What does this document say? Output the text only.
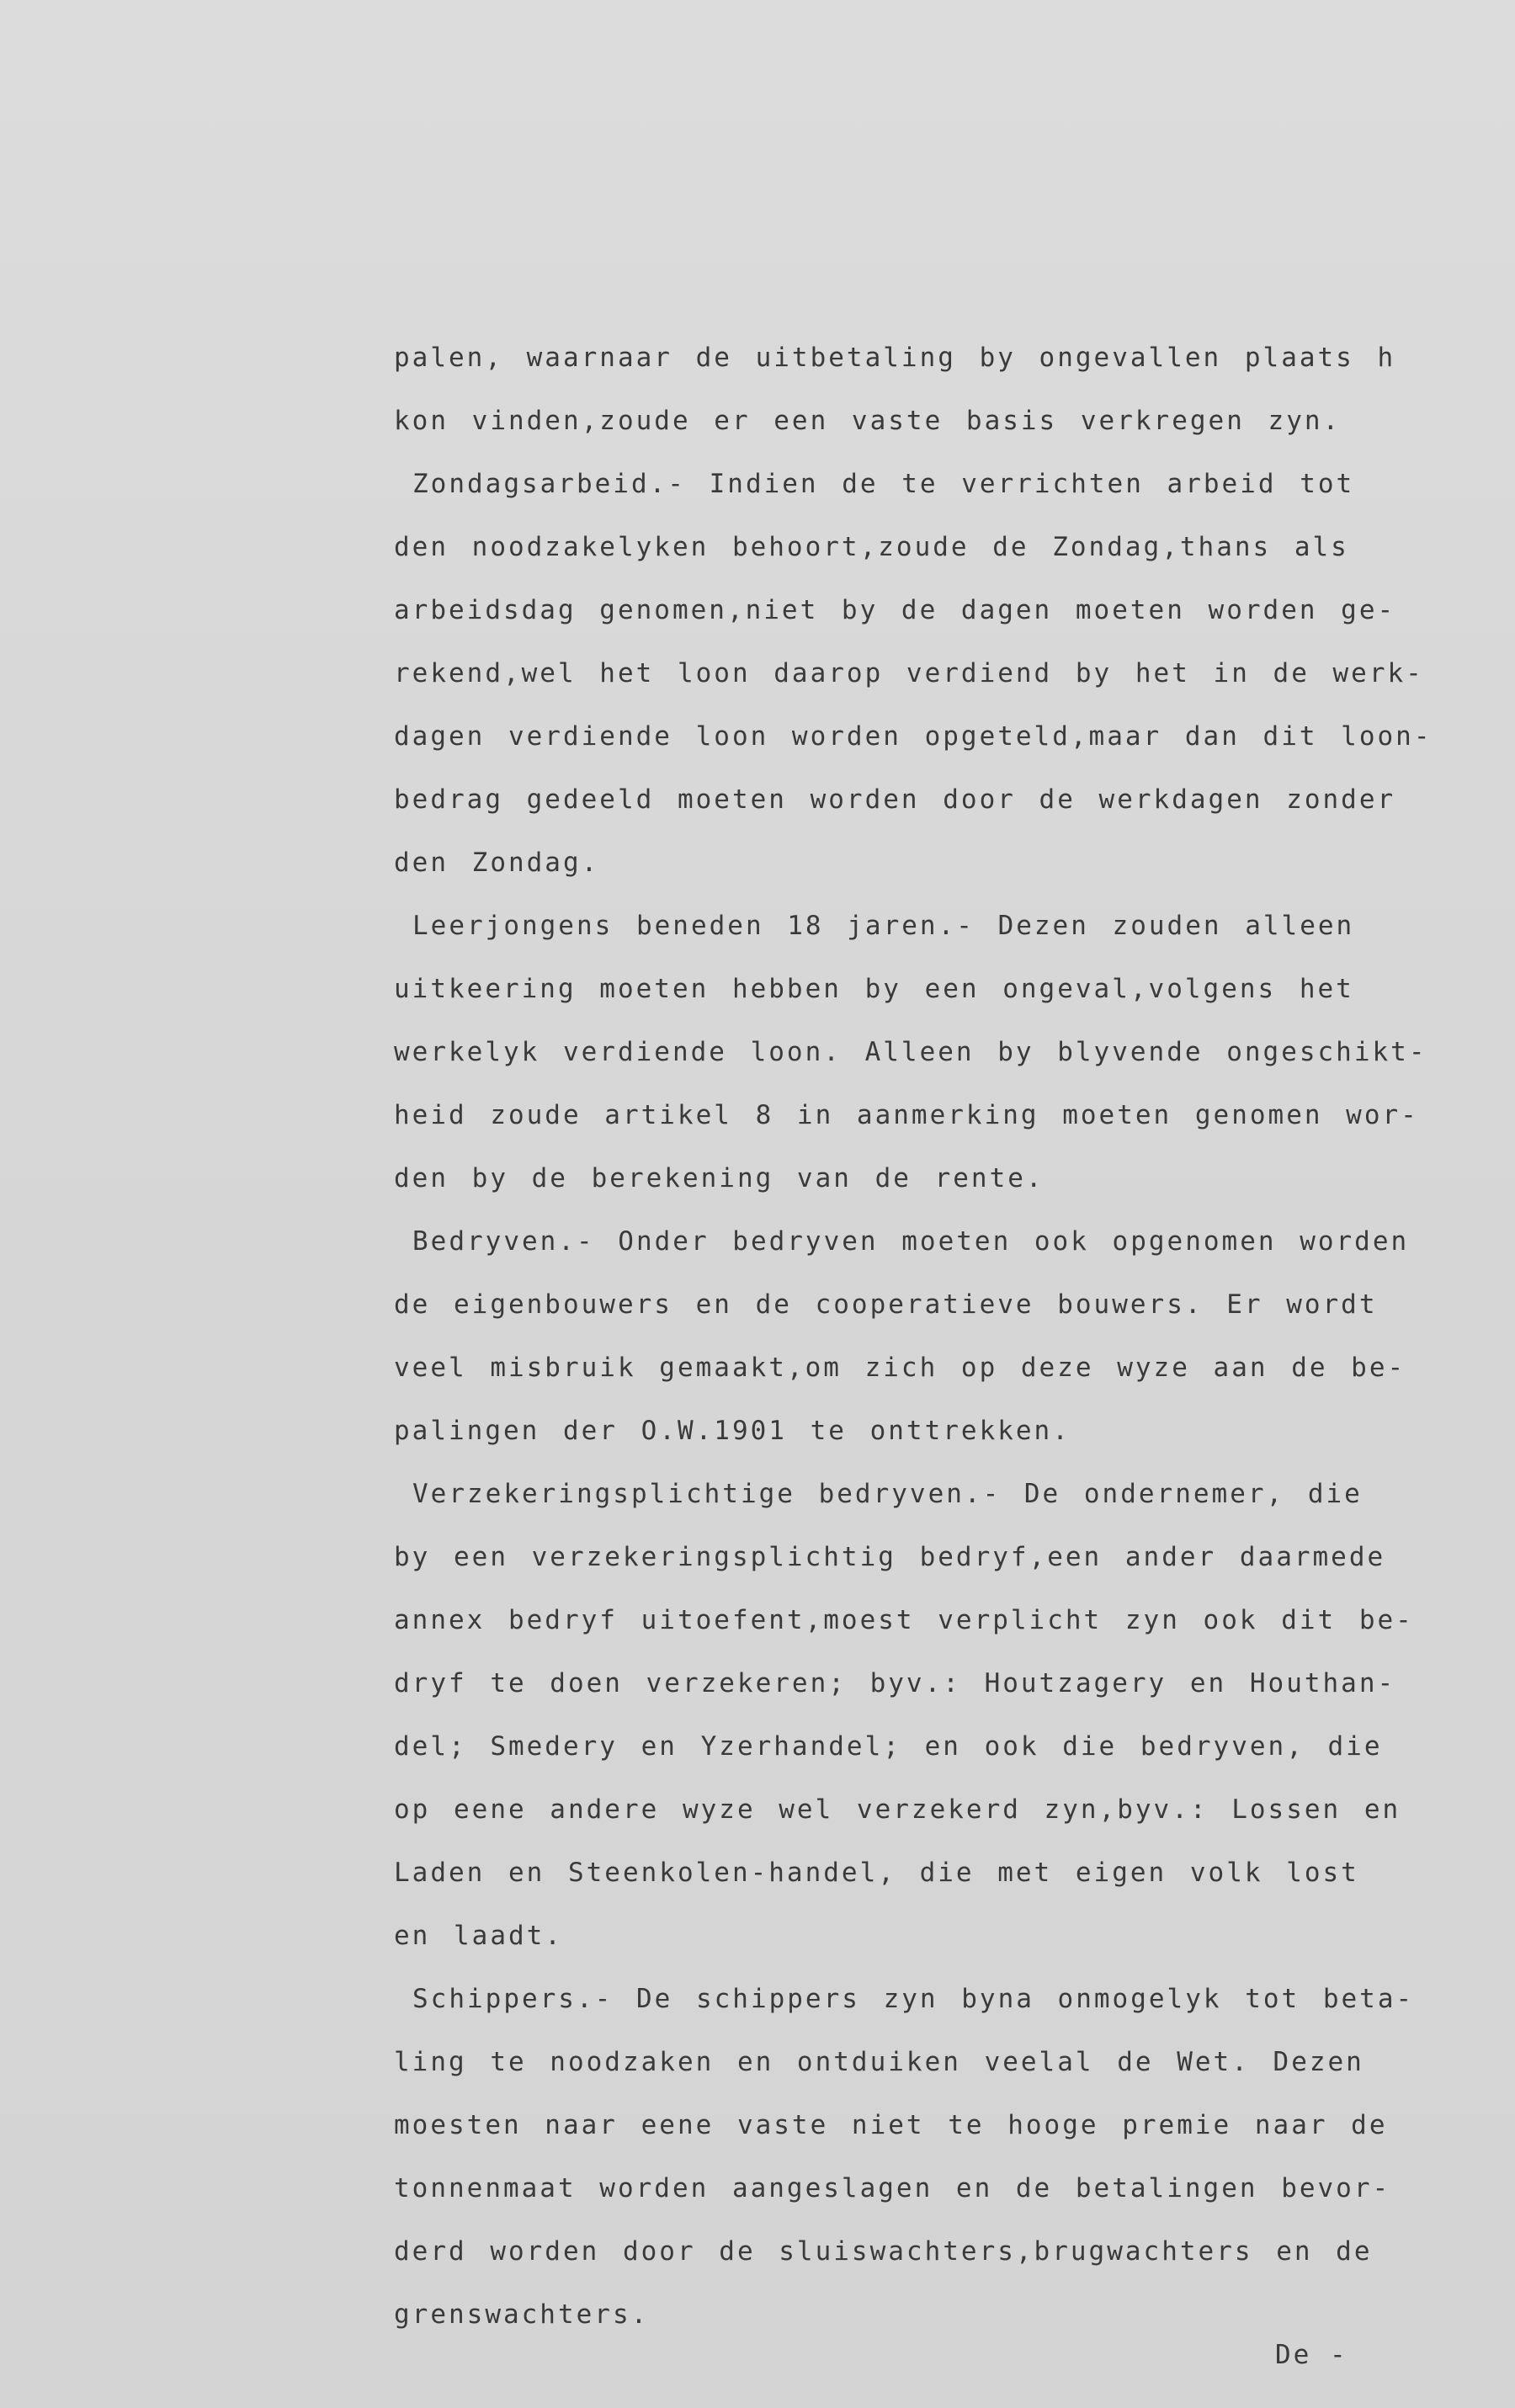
palen, waarnaar de uitbetaling by ongevallen plaats h
kon vinden,zoude er een vaste basis verkregen zyn.
Zondagsarbeid.- Indien de te verrichten arbeid tot
den noodzakelyken behoort,zoude de Zondag,thans als
arbeidsdag genomen,niet by de dagen moeten worden ge-
rekend,wel het loon daarop verdiend by het in de werk-
dagen verdiende loon worden opgeteld,maar dan dit loon-
bedrag gedeeld moeten worden door de werkdagen zonder
den Zondag.
Leerjongens beneden 18 jaren.- Dezen zouden alleen
uitkeering moeten hebben by een ongeval,volgens het
werkelyk verdiende loon. Alleen by blyvende ongeschikt-
heid zoude artikel 8 in aanmerking moeten genomen wor-
den by de berekening van de rente.
Bedryven.- Onder bedryven moeten ook opgenomen worden
de eigenbouwers en de cooperatieve bouwers. Er wordt
veel misbruik gemaakt,om zich op deze wyze aan de be-
palingen der O.W.1901 te onttrekken.
Verzekeringsplichtige bedryven.- De ondernemer, die
by een verzekeringsplichtig bedryf,een ander daarmede
annex bedryf uitoefent,moest verplicht zyn ook dit be-
dryf te doen verzekeren; byv.: Houtzagery en Houthan-
del; Smedery en Yzerhandel; en ook die bedryven, die
op eene andere wyze wel verzekerd zyn,byv.: Lossen en
Laden en Steenkolen-handel, die met eigen volk lost
en laadt.
Schippers.- De schippers zyn byna onmogelyk tot beta-
ling te noodzaken en ontduiken veelal de Wet. Dezen
moesten naar eene vaste niet te hooge premie naar de
tonnenmaat worden aangeslagen en de betalingen bevor-
derd worden door de sluiswachters,brugwachters en de
grenswachters.
De -
